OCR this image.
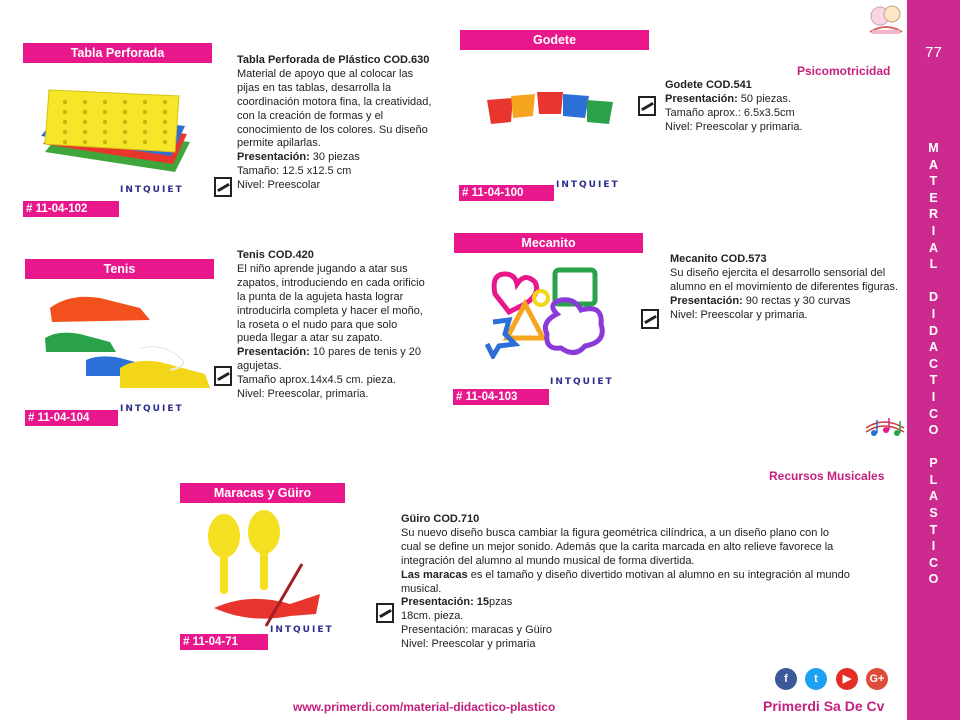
77
M
A
T
E
R
I
A
L
D
I
D
A
C
T
I
C
O
P
L
A
S
T
I
C
O
Psicomotricidad
Recursos Musicales
Tabla Perforada
# 11-04-102
INTQUIET
Tabla Perforada de Plástico COD.630
Material de apoyo que al colocar las pijas en tas tablas, desarrolla la coordinación motora fina, la creatividad, con la creación de formas y el conocimiento de los colores. Su diseño permite apilarlas.
Presentación: 30 piezas
Tamaño: 12.5 x12.5 cm
Nivel: Preescolar
Tenis
# 11-04-104
INTQUIET
Tenis COD.420
El niño aprende jugando a atar sus zapatos, introduciendo en cada orificio la punta de la agujeta hasta lograr introducirla completa y hacer el moño, la roseta o el nudo para que solo pueda llegar a atar su zapato.
Presentación: 10 pares de tenis y 20 agujetas.
Tamaño aprox.14x4.5 cm. pieza.
Nivel: Preescolar, primaria.
Godete
# 11-04-100
INTQUIET
Godete COD.541
Presentación: 50 piezas.
Tamaño aprox.: 6.5x3.5cm
Nivel: Preescolar y primaria.
Mecanito
# 11-04-103
INTQUIET
Mecanito COD.573
Su diseño ejercita el desarrollo sensorial del alumno en el movimiento de diferentes figuras.
Presentación: 90 rectas y 30 curvas
Nivel: Preescolar y primaria.
Maracas y Güiro
# 11-04-71
INTQUIET
Güiro COD.710
Su nuevo diseño busca cambiar la figura geométrica cilíndrica, a un diseño plano con lo cual se define un mejor sonido. Además que la carita marcada en alto relieve favorece la integración del alumno al mundo musical de forma divertida.
Las maracas es el tamaño y diseño divertido motivan al alumno en su integración al mundo musical.
Presentación: 15pzas
18cm. pieza.
Presentación: maracas y Güiro
Nivel: Preescolar y primaria
f	t	▶	G+
www.primerdi.com/material-didactico-plastico	Primerdi Sa De Cv
